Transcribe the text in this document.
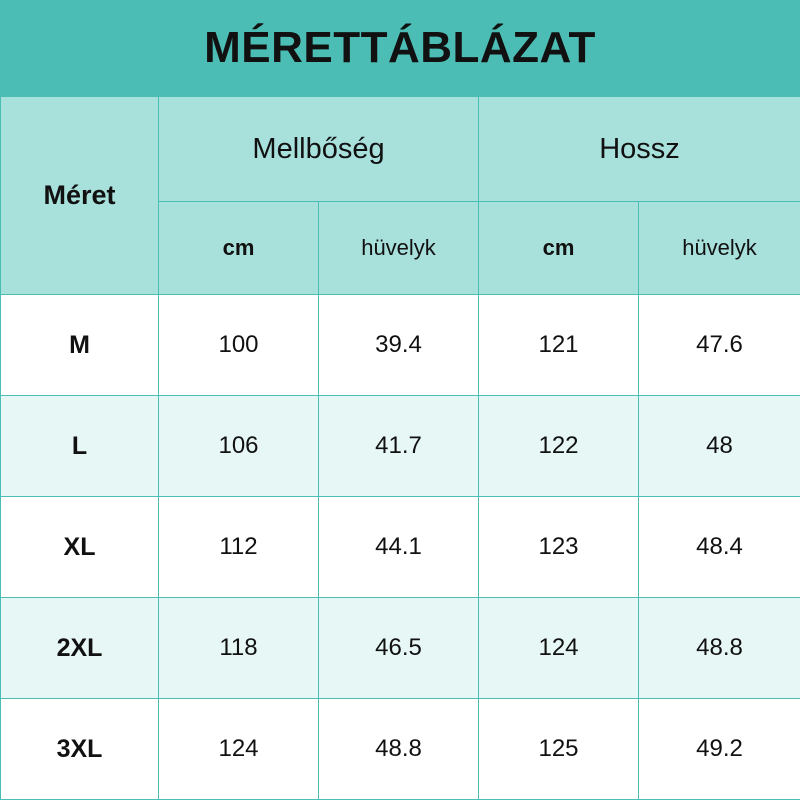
MÉRETTÁBLÁZAT
Méret	Mellbőség		Hossz	
	cm	hüvelyk	cm	hüvelyk
M	100	39.4	121	47.6
L	106	41.7	122	48
XL	112	44.1	123	48.4
2XL	118	46.5	124	48.8
3XL	124	48.8	125	49.2
